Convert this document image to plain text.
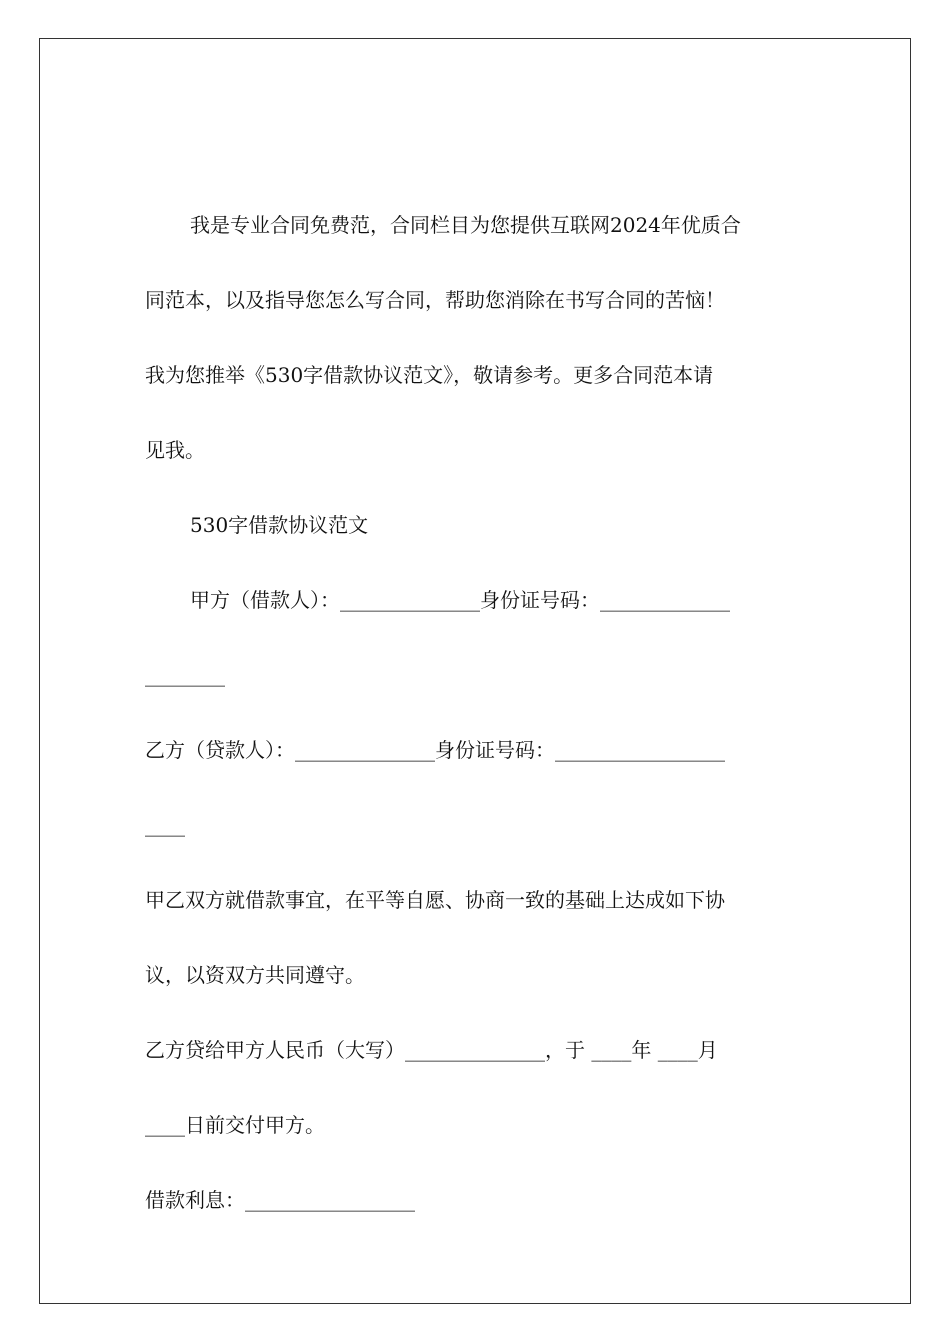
我是专业合同免费范，合同栏目为您提供互联网2024年优质合
同范本，以及指导您怎么写合同，帮助您消除在书写合同的苦恼！
我为您推举《530字借款协议范文》，敬请参考。更多合同范本请
见我。
530字借款协议范文
甲方（借款人）：______________身份证号码：_____________
________
乙方（贷款人）：______________身份证号码：_________________
____
甲乙双方就借款事宜，在平等自愿、协商一致的基础上达成如下协
议，以资双方共同遵守。
乙方贷给甲方人民币（大写）______________，于 ____年 ____月
____日前交付甲方。
借款利息：_________________
